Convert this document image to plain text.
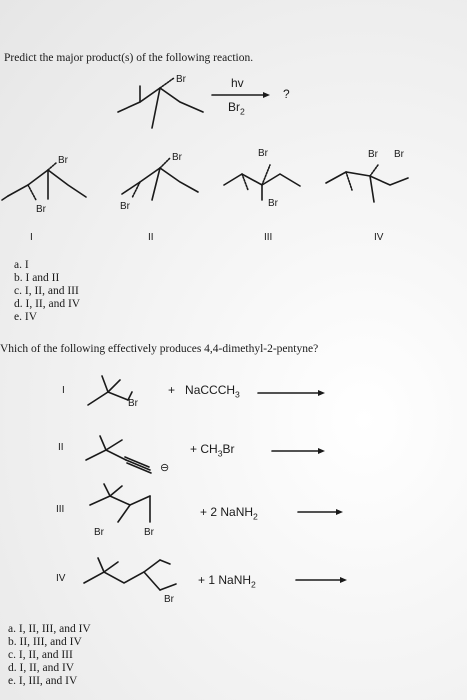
Predict the major product(s) of the following reaction.
Br	hv
$Br_2$
?
Br
Br
Br
Br
Br
Br
Br Br
I	II	III	IV
a. I
b. I and II
c. I, II, and III
d. I, II, and IV
e. IV
Vhich of the following effectively produces 4,4-dimethyl-2-pentyne?
I
Br
+ NaCCCH$_3$
II
⊖
+ $CH_3Br$
III
Br	Br
+ 2 NaNH$_2$
IV
Br
+ 1 NaNH$_2$
a. I, II, III, and IV
b. II, III, and IV
c. I, II, and III
d. I, II, and IV
e. I, III, and IV
